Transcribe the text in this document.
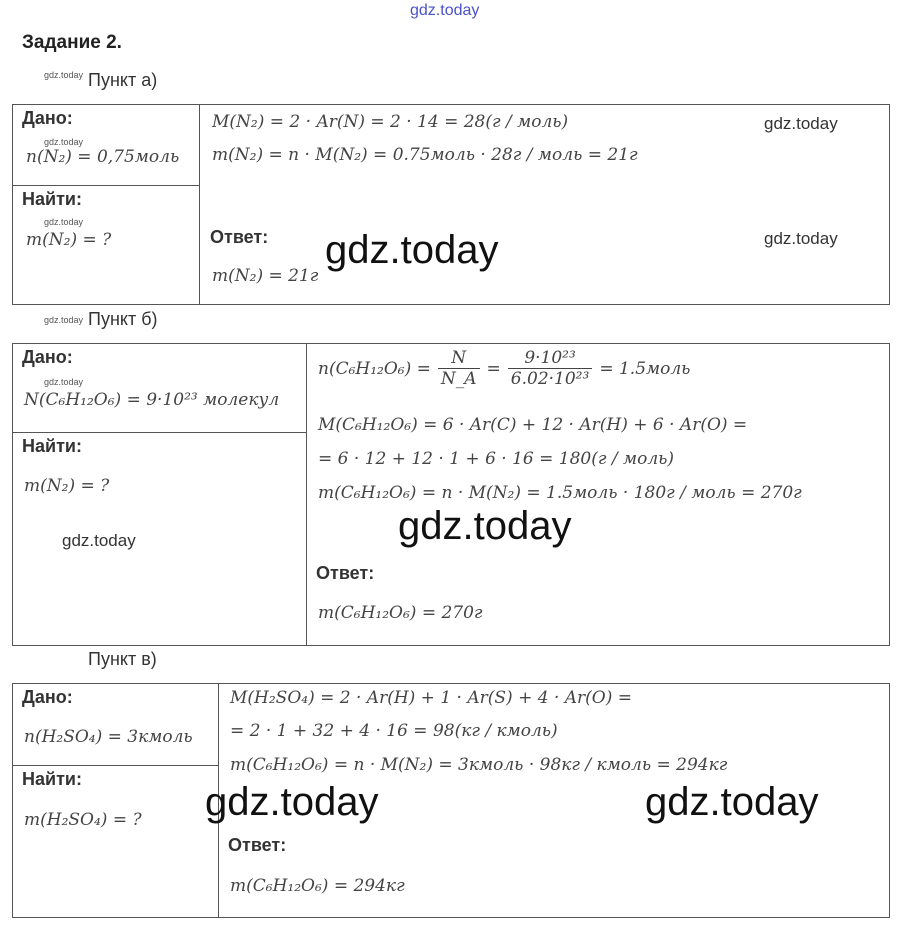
gdz.today
Задание 2.
gdz.today Пункт а)
Дано:
gdz.today
n(N₂) = 0,75моль
Найти:
gdz.today
m(N₂) = ?
M(N₂) = 2 · Ar(N) = 2 · 14 = 28(г / моль)
m(N₂) = n · M(N₂) = 0.75моль · 28г / моль = 21г
gdz.today
Ответ:
m(N₂) = 21г
gdz.today	gdz.today
gdz.today Пункт б)
Дано:
gdz.today
N(C₆H₁₂O₆) = 9·10²³ молекул
Найти:
m(N₂) = ?
gdz.today
$n(C_6H_{12}O_6) = \frac{N}{N\_A} = \frac{\text{9·10²³}}{\text{6.02·10²³}}$ = 1.5моль
M(C₆H₁₂O₆) = 6 · Ar(C) + 12 · Ar(H) + 6 · Ar(O) =
= 6 · 12 + 12 · 1 + 6 · 16 = 180(г / моль)
m(C₆H₁₂O₆) = n · M(N₂) = 1.5моль · 180г / моль = 270г
gdz.today
Ответ:
m(C₆H₁₂O₆) = 270г
Пункт в)
Дано:
n(H₂SO₄) = 3кмоль
Найти:
m(H₂SO₄) = ?
M(H₂SO₄) = 2 · Ar(H) + 1 · Ar(S) + 4 · Ar(O) =
= 2 · 1 + 32 + 4 · 16 = 98(кг / кмоль)
m(C₆H₁₂O₆) = n · M(N₂) = 3кмоль · 98кг / кмоль = 294кг
gdz.today	gdz.today
Ответ:
m(C₆H₁₂O₆) = 294кг
